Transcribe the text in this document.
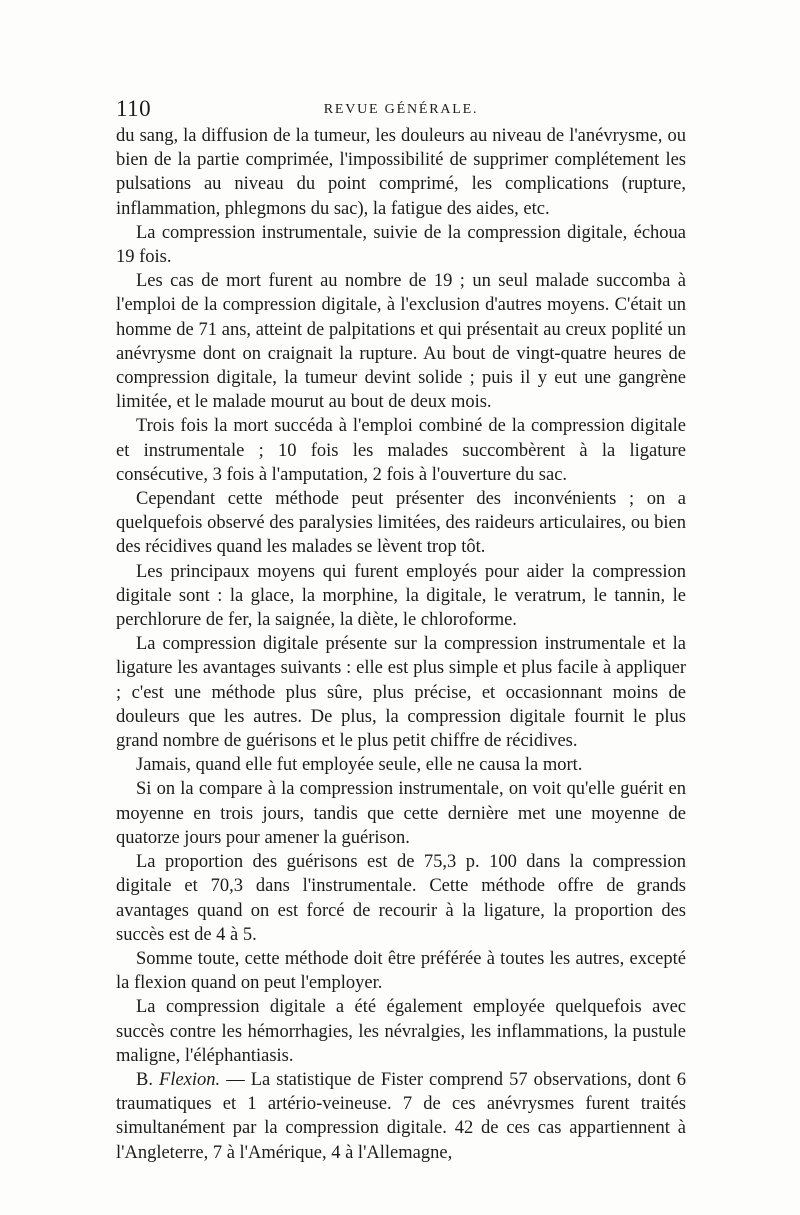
110	REVUE GÉNÉRALE.

du sang, la diffusion de la tumeur, les douleurs au niveau de l'anévrysme, ou bien de la partie comprimée, l'impossibilité de supprimer complétement les pulsations au niveau du point comprimé, les complications (rupture, inflammation, phlegmons du sac), la fatigue des aides, etc.

La compression instrumentale, suivie de la compression digitale, échoua 19 fois.

Les cas de mort furent au nombre de 19 ; un seul malade succomba à l'emploi de la compression digitale, à l'exclusion d'autres moyens. C'était un homme de 71 ans, atteint de palpitations et qui présentait au creux poplité un anévrysme dont on craignait la rupture. Au bout de vingt-quatre heures de compression digitale, la tumeur devint solide ; puis il y eut une gangrène limitée, et le malade mourut au bout de deux mois.

Trois fois la mort succéda à l'emploi combiné de la compression digitale et instrumentale ; 10 fois les malades succombèrent à la ligature consécutive, 3 fois à l'amputation, 2 fois à l'ouverture du sac.

Cependant cette méthode peut présenter des inconvénients ; on a quelquefois observé des paralysies limitées, des raideurs articulaires, ou bien des récidives quand les malades se lèvent trop tôt.

Les principaux moyens qui furent employés pour aider la compression digitale sont : la glace, la morphine, la digitale, le veratrum, le tannin, le perchlorure de fer, la saignée, la diète, le chloroforme.

La compression digitale présente sur la compression instrumentale et la ligature les avantages suivants : elle est plus simple et plus facile à appliquer ; c'est une méthode plus sûre, plus précise, et occasionnant moins de douleurs que les autres. De plus, la compression digitale fournit le plus grand nombre de guérisons et le plus petit chiffre de récidives.

Jamais, quand elle fut employée seule, elle ne causa la mort.

Si on la compare à la compression instrumentale, on voit qu'elle guérit en moyenne en trois jours, tandis que cette dernière met une moyenne de quatorze jours pour amener la guérison.

La proportion des guérisons est de 75,3 p. 100 dans la compression digitale et 70,3 dans l'instrumentale. Cette méthode offre de grands avantages quand on est forcé de recourir à la ligature, la proportion des succès est de 4 à 5.

Somme toute, cette méthode doit être préférée à toutes les autres, excepté la flexion quand on peut l'employer.

La compression digitale a été également employée quelquefois avec succès contre les hémorrhagies, les névralgies, les inflammations, la pustule maligne, l'éléphantiasis.

B. Flexion. — La statistique de Fister comprend 57 observations, dont 6 traumatiques et 1 artério-veineuse. 7 de ces anévrysmes furent traités simultanément par la compression digitale. 42 de ces cas appartiennent à l'Angleterre, 7 à l'Amérique, 4 à l'Allemagne,
